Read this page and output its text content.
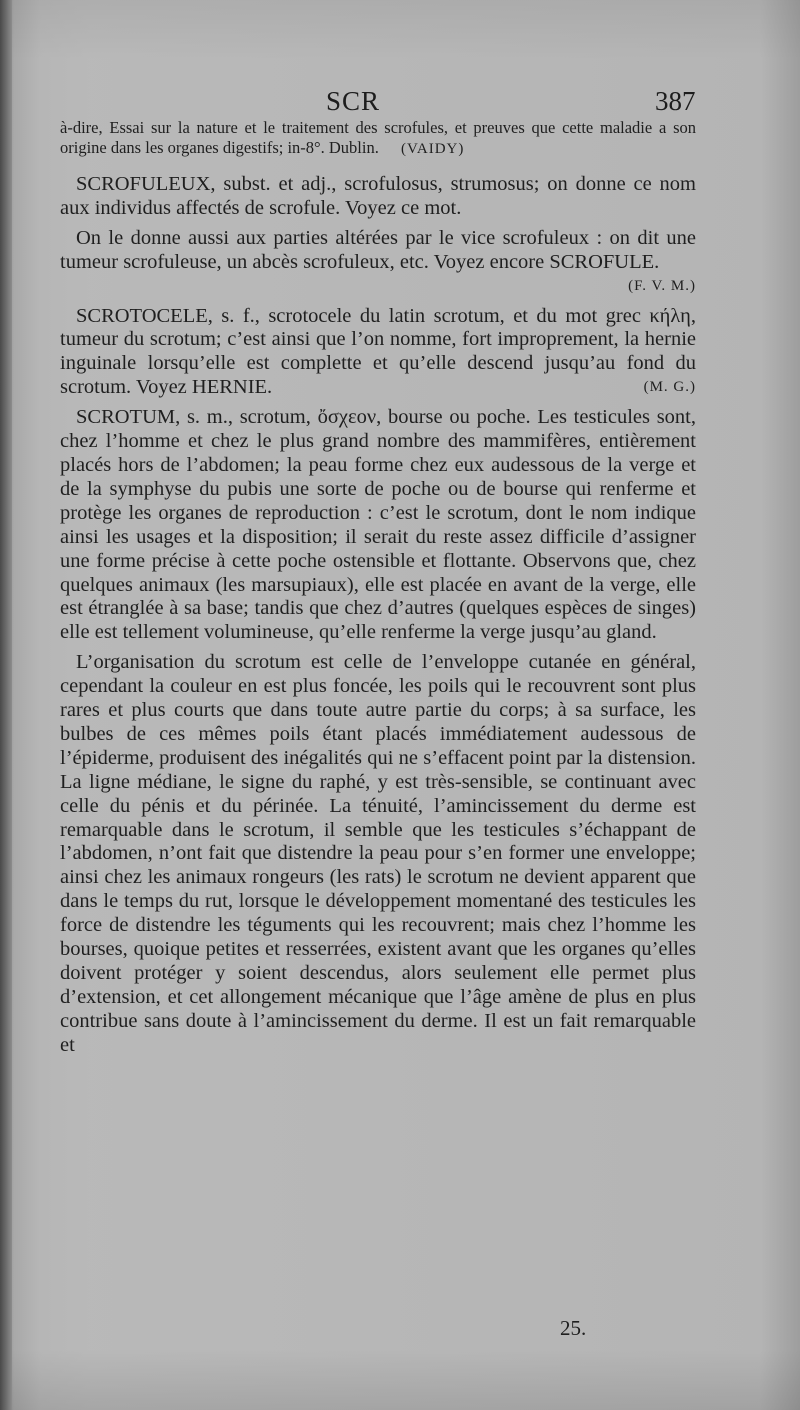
SCR	387

à-dire, Essai sur la nature et le traitement des scrofules, et preuves que cette maladie a son origine dans les organes digestifs; in-8°. Dublin. (VAIDY)

SCROFULEUX, subst. et adj., scrofulosus, strumosus; on donne ce nom aux individus affectés de scrofule. Voyez ce mot.

On le donne aussi aux parties altérées par le vice scrofuleux : on dit une tumeur scrofuleuse, un abcès scrofuleux, etc. Voyez encore SCROFULE.
(F. V. M.)

SCROTOCELE, s. f., scrotocele du latin scrotum, et du mot grec κήλη, tumeur du scrotum; c’est ainsi que l’on nomme, fort improprement, la hernie inguinale lorsqu’elle est complette et qu’elle descend jusqu’au fond du scrotum. Voyez HERNIE.	(M. G.)

SCROTUM, s. m., scrotum, ὄσχεον, bourse ou poche. Les testicules sont, chez l’homme et chez le plus grand nombre des mammifères, entièrement placés hors de l’abdomen; la peau forme chez eux audessous de la verge et de la symphyse du pubis une sorte de poche ou de bourse qui renferme et protège les organes de reproduction : c’est le scrotum, dont le nom indique ainsi les usages et la disposition; il serait du reste assez difficile d’assigner une forme précise à cette poche ostensible et flottante. Observons que, chez quelques animaux (les marsupiaux), elle est placée en avant de la verge, elle est étranglée à sa base; tandis que chez d’autres (quelques espèces de singes) elle est tellement volumineuse, qu’elle renferme la verge jusqu’au gland.

L’organisation du scrotum est celle de l’enveloppe cutanée en général, cependant la couleur en est plus foncée, les poils qui le recouvrent sont plus rares et plus courts que dans toute autre partie du corps; à sa surface, les bulbes de ces mêmes poils étant placés immédiatement audessous de l’épiderme, produisent des inégalités qui ne s’effacent point par la distension. La ligne médiane, le signe du raphé, y est très-sensible, se continuant avec celle du pénis et du périnée. La ténuité, l’amincissement du derme est remarquable dans le scrotum, il semble que les testicules s’échappant de l’abdomen, n’ont fait que distendre la peau pour s’en former une enveloppe; ainsi chez les animaux rongeurs (les rats) le scrotum ne devient apparent que dans le temps du rut, lorsque le développement momentané des testicules les force de distendre les téguments qui les recouvrent; mais chez l’homme les bourses, quoique petites et resserrées, existent avant que les organes qu’elles doivent protéger y soient descendus, alors seulement elle permet plus d’extension, et cet allongement mécanique que l’âge amène de plus en plus contribue sans doute à l’amincissement du derme. Il est un fait remarquable et

25.
